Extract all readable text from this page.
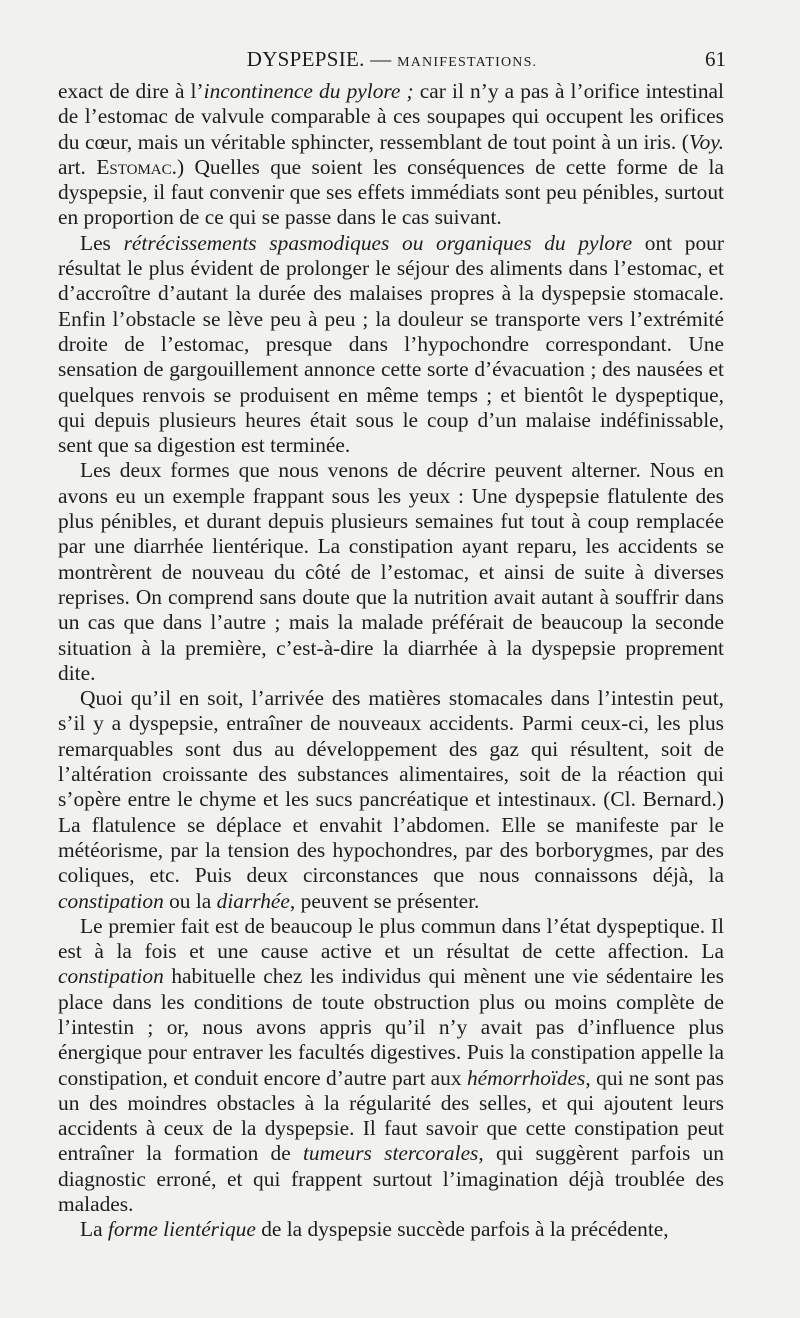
DYSPEPSIE. — MANIFESTATIONS.	61

exact de dire à l’incontinence du pylore ; car il n’y a pas à l’orifice intestinal de l’estomac de valvule comparable à ces soupapes qui occupent les orifices du cœur, mais un véritable sphincter, ressemblant de tout point à un iris. (Voy. art. Estomac.) Quelles que soient les conséquences de cette forme de la dyspepsie, il faut convenir que ses effets immédiats sont peu pénibles, surtout en proportion de ce qui se passe dans le cas suivant.

Les rétrécissements spasmodiques ou organiques du pylore ont pour résultat le plus évident de prolonger le séjour des aliments dans l’estomac, et d’accroître d’autant la durée des malaises propres à la dyspepsie stomacale. Enfin l’obstacle se lève peu à peu ; la douleur se transporte vers l’extrémité droite de l’estomac, presque dans l’hypochondre correspondant. Une sensation de gargouillement annonce cette sorte d’évacuation ; des nausées et quelques renvois se produisent en même temps ; et bientôt le dyspeptique, qui depuis plusieurs heures était sous le coup d’un malaise indéfinissable, sent que sa digestion est terminée.

Les deux formes que nous venons de décrire peuvent alterner. Nous en avons eu un exemple frappant sous les yeux : Une dyspepsie flatulente des plus pénibles, et durant depuis plusieurs semaines fut tout à coup remplacée par une diarrhée lientérique. La constipation ayant reparu, les accidents se montrèrent de nouveau du côté de l’estomac, et ainsi de suite à diverses reprises. On comprend sans doute que la nutrition avait autant à souffrir dans un cas que dans l’autre ; mais la malade préférait de beaucoup la seconde situation à la première, c’est-à-dire la diarrhée à la dyspepsie proprement dite.

Quoi qu’il en soit, l’arrivée des matières stomacales dans l’intestin peut, s’il y a dyspepsie, entraîner de nouveaux accidents. Parmi ceux-ci, les plus remarquables sont dus au développement des gaz qui résultent, soit de l’altération croissante des substances alimentaires, soit de la réaction qui s’opère entre le chyme et les sucs pancréatique et intestinaux. (Cl. Bernard.) La flatulence se déplace et envahit l’abdomen. Elle se manifeste par le météorisme, par la tension des hypochondres, par des borborygmes, par des coliques, etc. Puis deux circonstances que nous connaissons déjà, la constipation ou la diarrhée, peuvent se présenter.

Le premier fait est de beaucoup le plus commun dans l’état dyspeptique. Il est à la fois et une cause active et un résultat de cette affection. La constipation habituelle chez les individus qui mènent une vie sédentaire les place dans les conditions de toute obstruction plus ou moins complète de l’intestin ; or, nous avons appris qu’il n’y avait pas d’influence plus énergique pour entraver les facultés digestives. Puis la constipation appelle la constipation, et conduit encore d’autre part aux hémorrhoïdes, qui ne sont pas un des moindres obstacles à la régularité des selles, et qui ajoutent leurs accidents à ceux de la dyspepsie. Il faut savoir que cette constipation peut entraîner la formation de tumeurs stercorales, qui suggèrent parfois un diagnostic erroné, et qui frappent surtout l’imagination déjà troublée des malades.

La forme lientérique de la dyspepsie succède parfois à la précédente,
